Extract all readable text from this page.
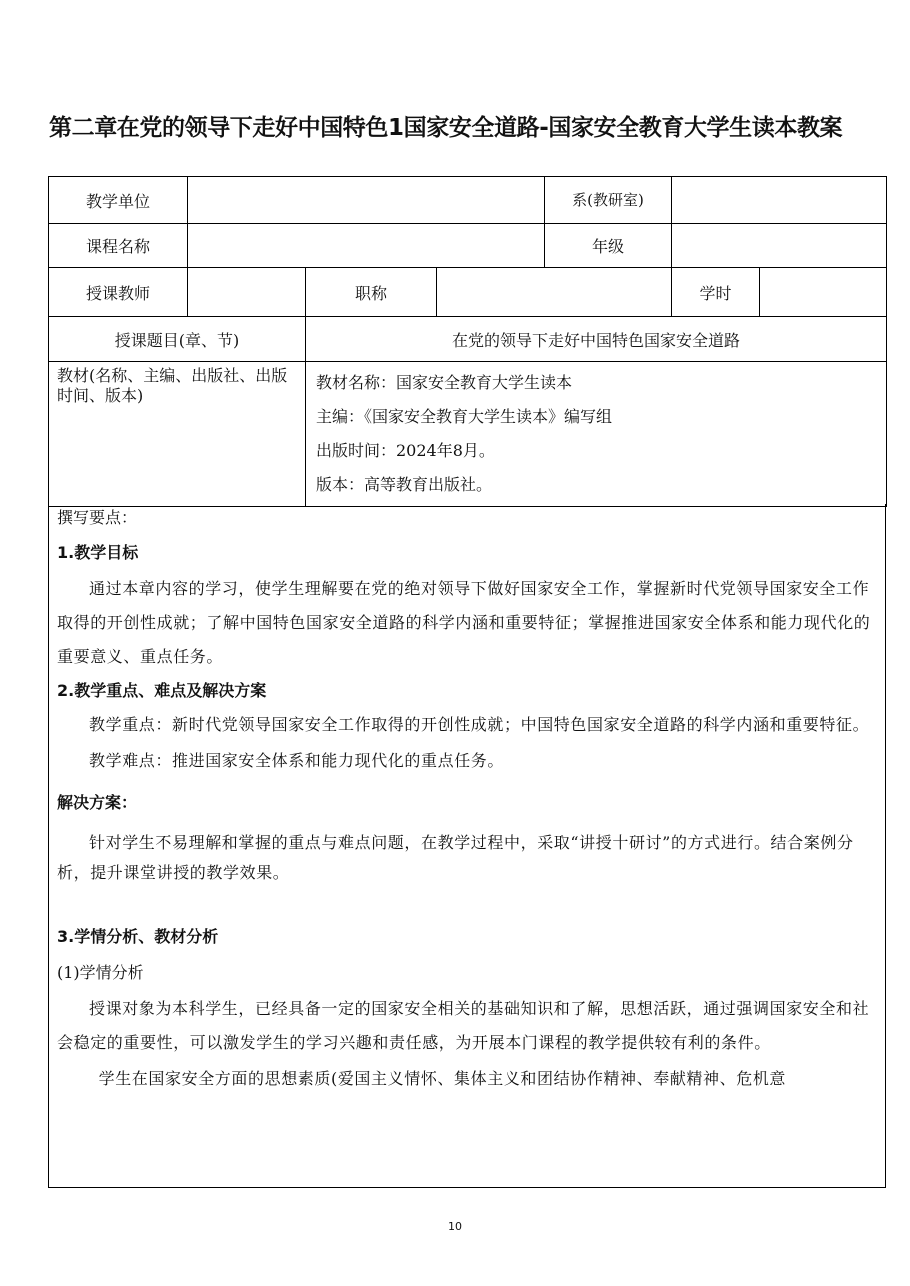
第二章在党的领导下走好中国特色1国家安全道路-国家安全教育大学生读本教案
教学单位				系(教研室)		
课程名称				年级		
授课教师		职称			学时	
授课题目(章、节)		在党的领导下走好中国特色国家安全道路				
教材(名称、主编、出版社、出版时间、版本)		教材名称：国家安全教育大学生读本
主编：《国家安全教育大学生读本》编写组
出版时间：2024年8月。
版本：高等教育出版社。				

撰写要点：

1.教学目标

通过本章内容的学习，使学生理解要在党的绝对领导下做好国家安全工作，掌握新时代党领导国家安全工作取得的开创性成就；了解中国特色国家安全道路的科学内涵和重要特征；掌握推进国家安全体系和能力现代化的重要意义、重点任务。

2.教学重点、难点及解决方案

教学重点：新时代党领导国家安全工作取得的开创性成就；中国特色国家安全道路的科学内涵和重要特征。

教学难点：推进国家安全体系和能力现代化的重点任务。

解决方案：

针对学生不易理解和掌握的重点与难点问题，在教学过程中，采取“讲授十研讨”的方式进行。结合案例分析，提升课堂讲授的教学效果。

3.学情分析、教材分析

(1)学情分析

授课对象为本科学生，已经具备一定的国家安全相关的基础知识和了解，思想活跃，通过强调国家安全和社会稳定的重要性，可以激发学生的学习兴趣和责任感，为开展本门课程的教学提供较有利的条件。

学生在国家安全方面的思想素质(爱国主义情怀、集体主义和团结协作精神、奉献精神、危机意

10
